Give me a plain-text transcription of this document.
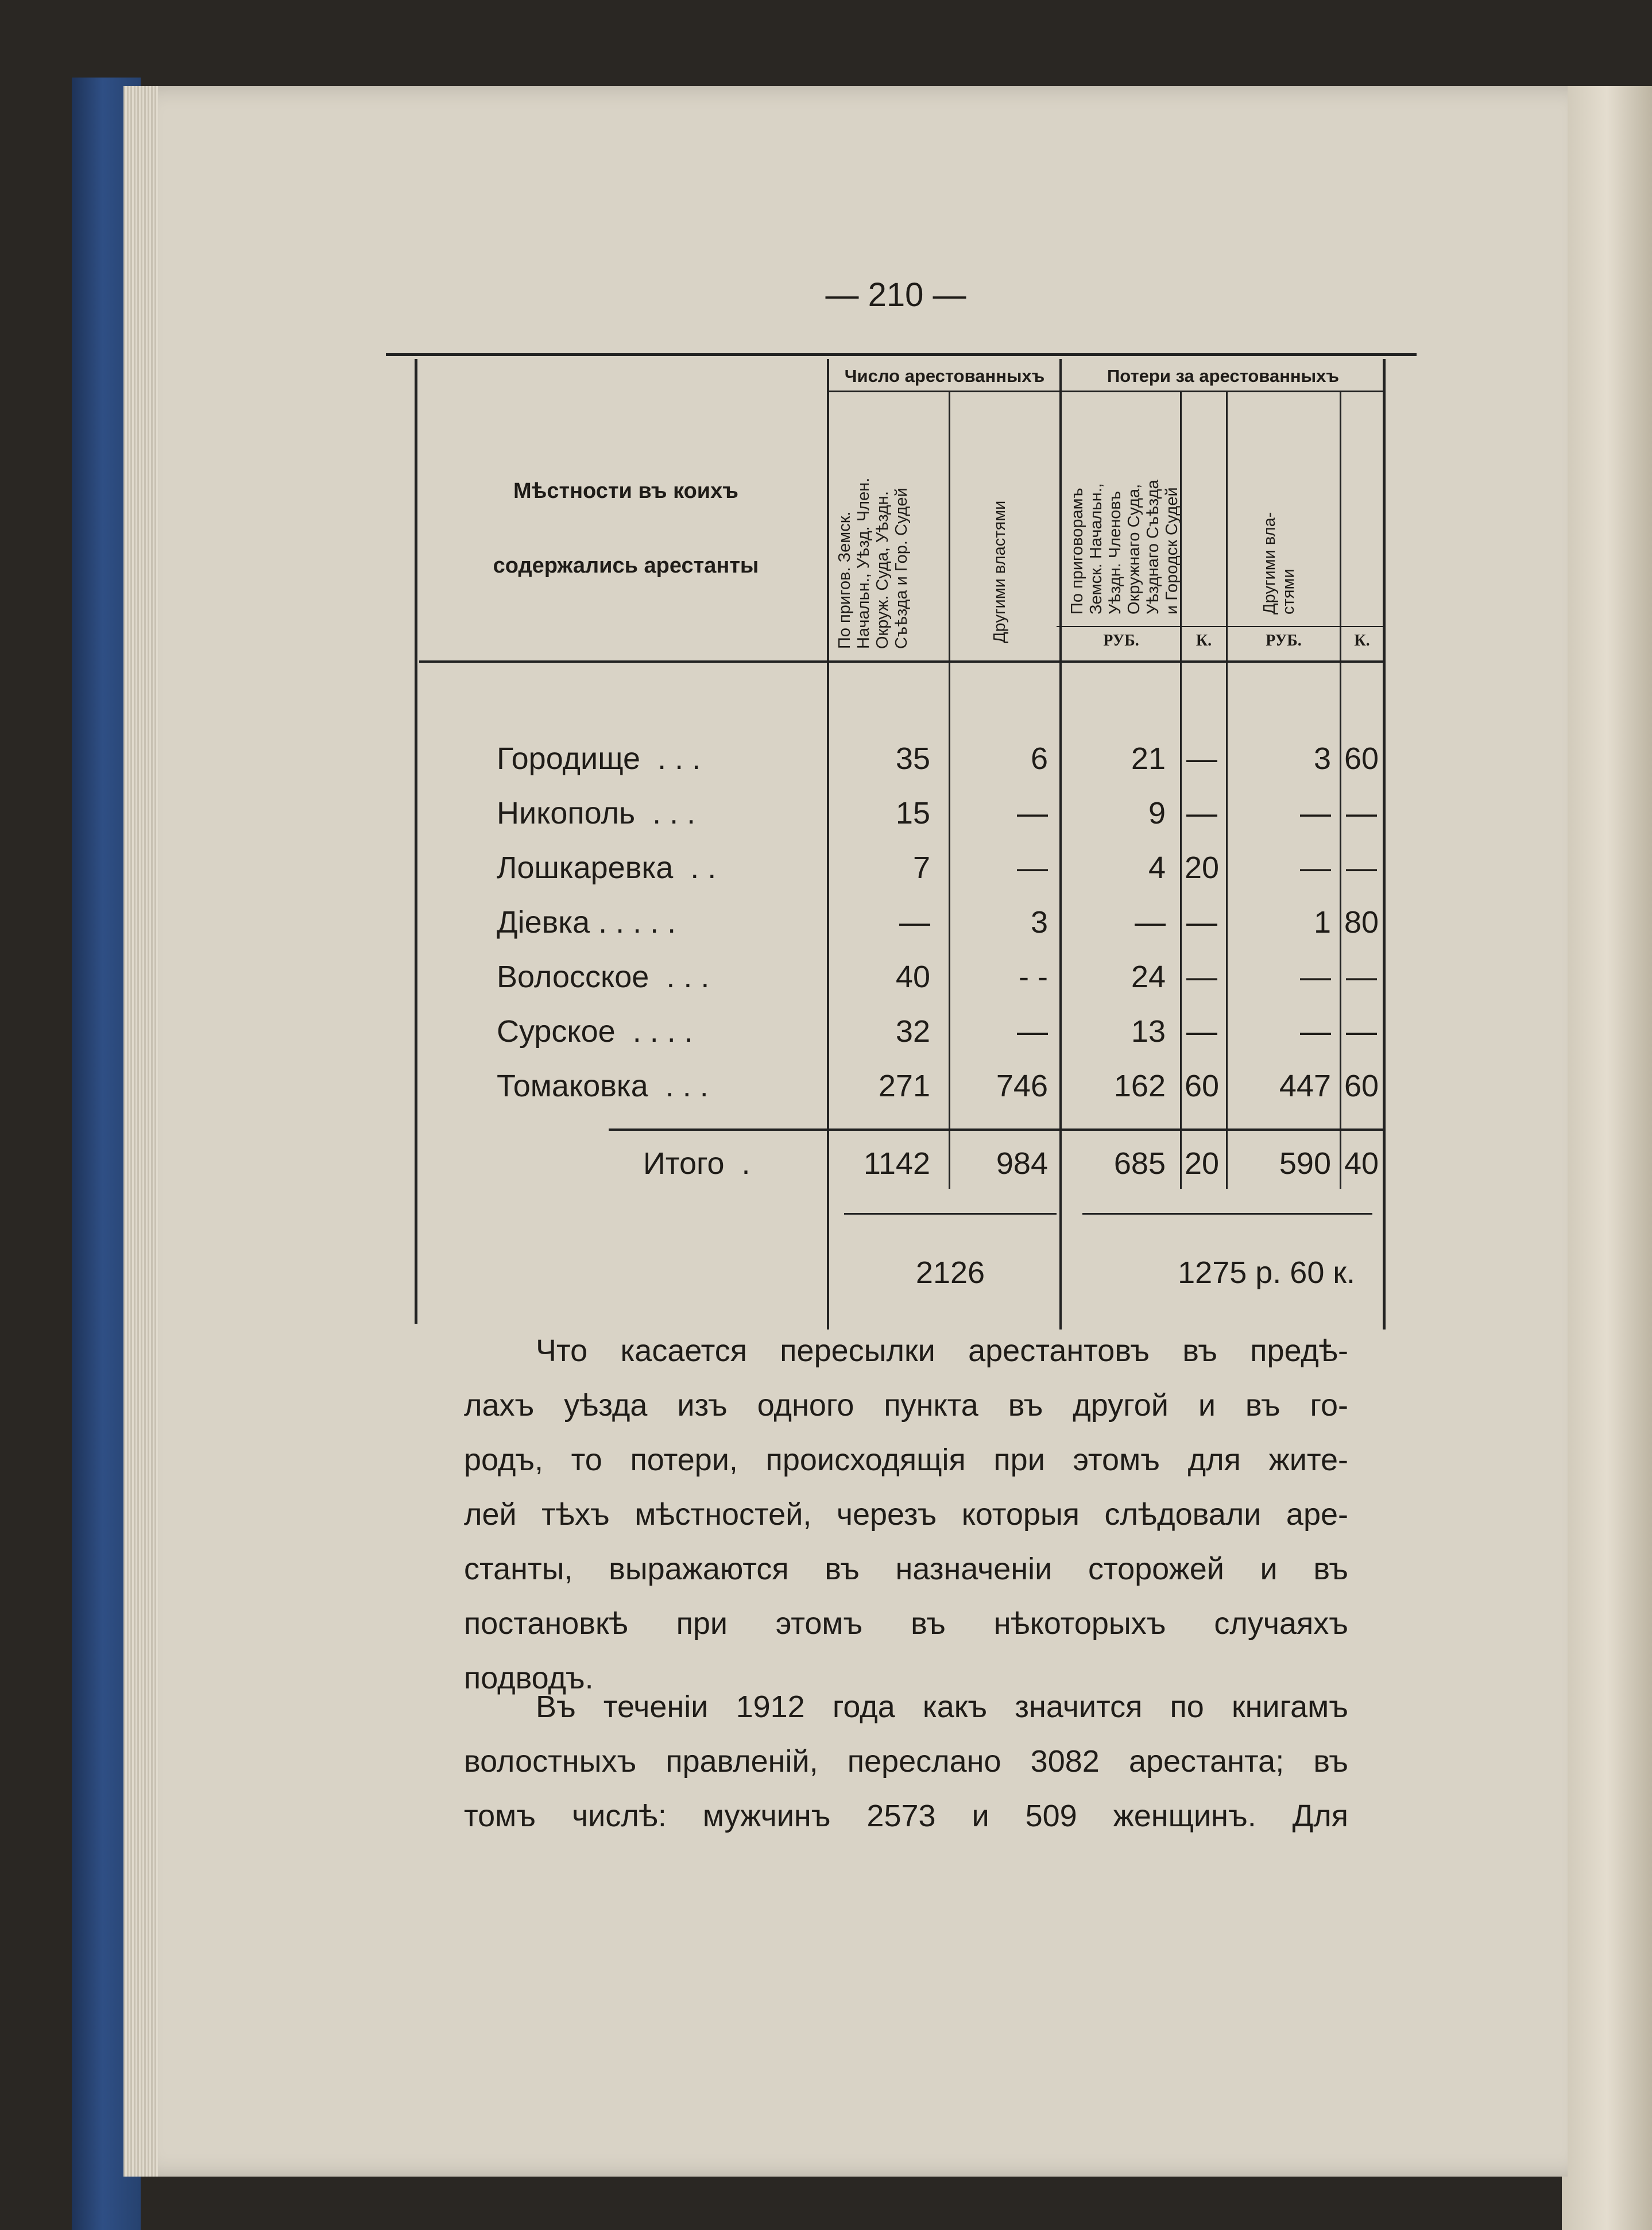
— 210 —
Мѣстности въ коихъ
содержались арестанты
Число арестованныхъ	Потери за арестованныхъ
По пригов. Земск.
Начальн., Уѣзд. Член.
Окруж. Суда, Уѣздн.
Съѣзда и Гор. Судей	Другими властями	По приговорамъ
Земск. Начальн.,
Уѣздн. Членовъ
Окружнаго Суда,
Уѣзднаго Съѣзда
и Городск Судей
Другими вла-
стями
РУБ.	К.	РУБ.	К.
Городище  . . .	35	6	21 —	3 60
Никополь  . . .	15	—	9 —	— —
Лошкаревка  . .	7	—	4 20	— —
Діевка . . . . .	—	3	— —	1 80
Волосское  . . .	40	- -	24 —	— —
Сурское  . . . .	32	—	13 —	— —
Томаковка  . . .	271	746	162 60	447 60
Итого  .	1142	984	685 20	590 40
2126	1275 р. 60 к.
Что касается пересылки арестантовъ въ предѣ-
лахъ уѣзда изъ одного пункта въ другой и въ го-
родъ, то потери, происходящія при этомъ для жите-
лей тѣхъ мѣстностей, черезъ которыя слѣдовали аре-
станты, выражаются въ назначеніи сторожей и въ
постановкѣ при этомъ въ нѣкоторыхъ случаяхъ
подводъ.
Въ теченіи 1912 года какъ значится по книгамъ
волостныхъ правленій, переслано 3082 арестанта; въ
томъ числѣ: мужчинъ 2573 и 509 женщинъ. Для
